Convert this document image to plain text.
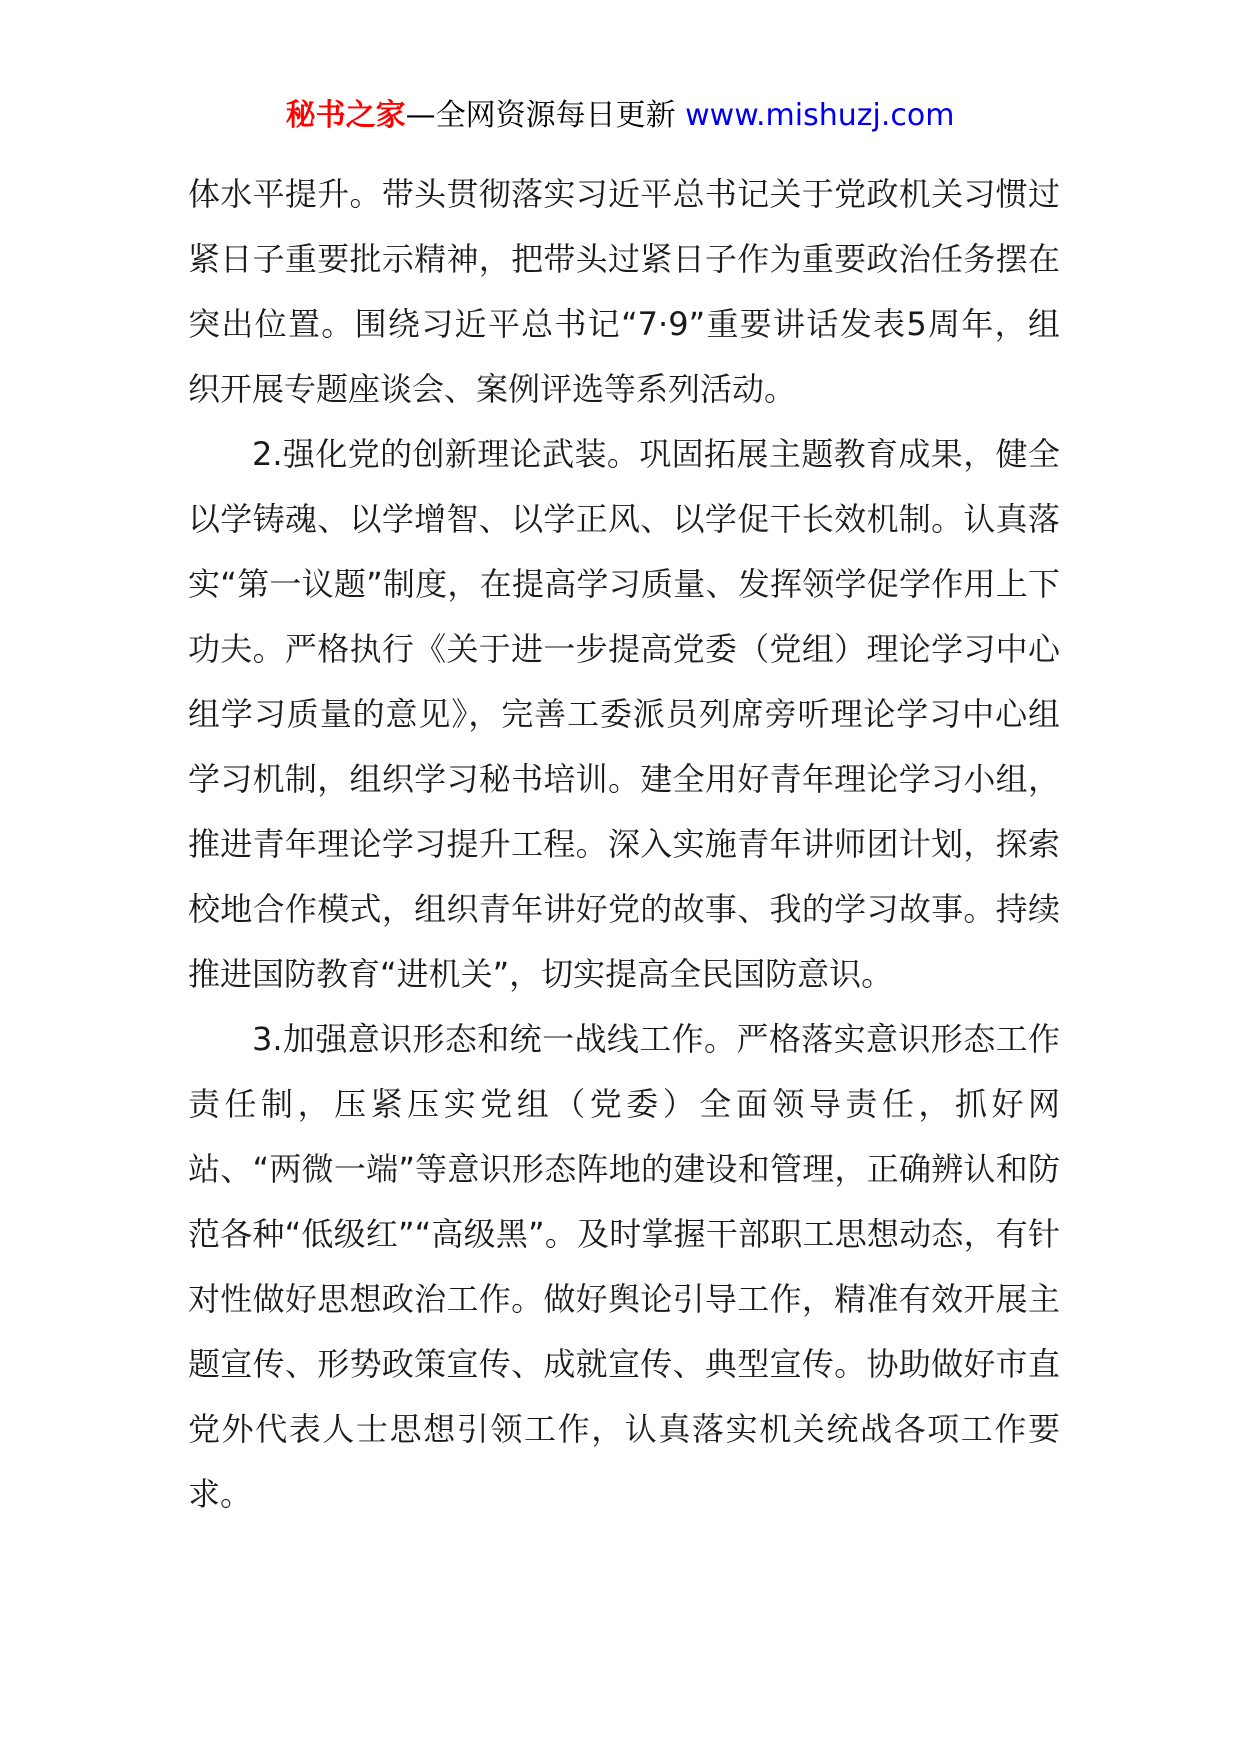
秘书之家—全网资源每日更新 www.mishuzj.com

体水平提升。带头贯彻落实习近平总书记关于党政机关习惯过紧日子重要批示精神，把带头过紧日子作为重要政治任务摆在突出位置。围绕习近平总书记“7·9”重要讲话发表5周年，组织开展专题座谈会、案例评选等系列活动。

2.强化党的创新理论武装。巩固拓展主题教育成果，健全以学铸魂、以学增智、以学正风、以学促干长效机制。认真落实“第一议题”制度，在提高学习质量、发挥领学促学作用上下功夫。严格执行《关于进一步提高党委（党组）理论学习中心组学习质量的意见》，完善工委派员列席旁听理论学习中心组学习机制，组织学习秘书培训。建全用好青年理论学习小组，推进青年理论学习提升工程。深入实施青年讲师团计划，探索校地合作模式，组织青年讲好党的故事、我的学习故事。持续推进国防教育“进机关”，切实提高全民国防意识。

3.加强意识形态和统一战线工作。严格落实意识形态工作责任制，压紧压实党组（党委）全面领导责任，抓好网站、“两微一端”等意识形态阵地的建设和管理，正确辨认和防范各种“低级红”“高级黑”。及时掌握干部职工思想动态，有针对性做好思想政治工作。做好舆论引导工作，精准有效开展主题宣传、形势政策宣传、成就宣传、典型宣传。协助做好市直党外代表人士思想引领工作，认真落实机关统战各项工作要求。
